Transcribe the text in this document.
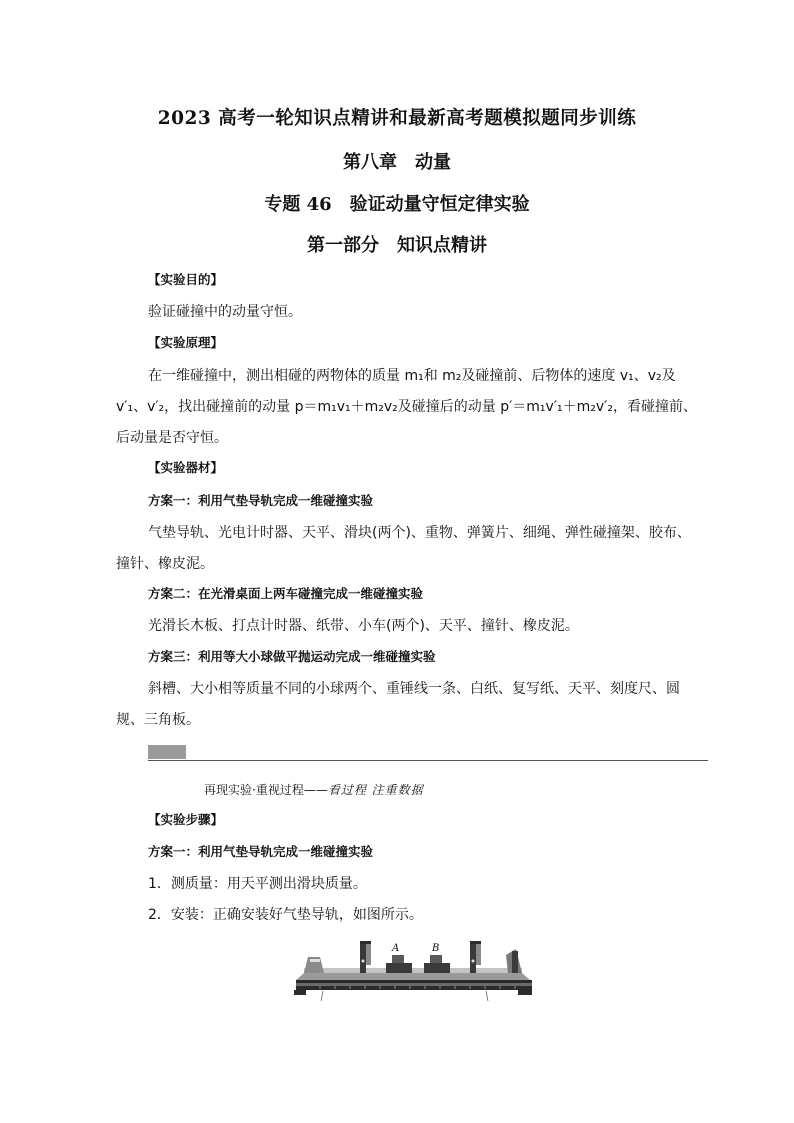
2023 高考一轮知识点精讲和最新高考题模拟题同步训练
第八章　动量
专题 46　验证动量守恒定律实验
第一部分　知识点精讲
【实验目的】
验证碰撞中的动量守恒。
【实验原理】
在一维碰撞中，测出相碰的两物体的质量 m₁和 m₂及碰撞前、后物体的速度 v₁、v₂及
v′₁、v′₂，找出碰撞前的动量 p＝m₁v₁＋m₂v₂及碰撞后的动量 p′＝m₁v′₁＋m₂v′₂，看碰撞前、
后动量是否守恒。
【实验器材】
方案一：利用气垫导轨完成一维碰撞实验
气垫导轨、光电计时器、天平、滑块(两个)、重物、弹簧片、细绳、弹性碰撞架、胶布、
撞针、橡皮泥。
方案二：在光滑桌面上两车碰撞完成一维碰撞实验
光滑长木板、打点计时器、纸带、小车(两个)、天平、撞针、橡皮泥。
方案三：利用等大小球做平抛运动完成一维碰撞实验
斜槽、大小相等质量不同的小球两个、重锤线一条、白纸、复写纸、天平、刻度尺、圆
规、三角板。
再现实验·重视过程——看过程 注重数据
【实验步骤】
方案一：利用气垫导轨完成一维碰撞实验
1．测质量：用天平测出滑块质量。
2．安装：正确安装好气垫导轨，如图所示。
A	B
